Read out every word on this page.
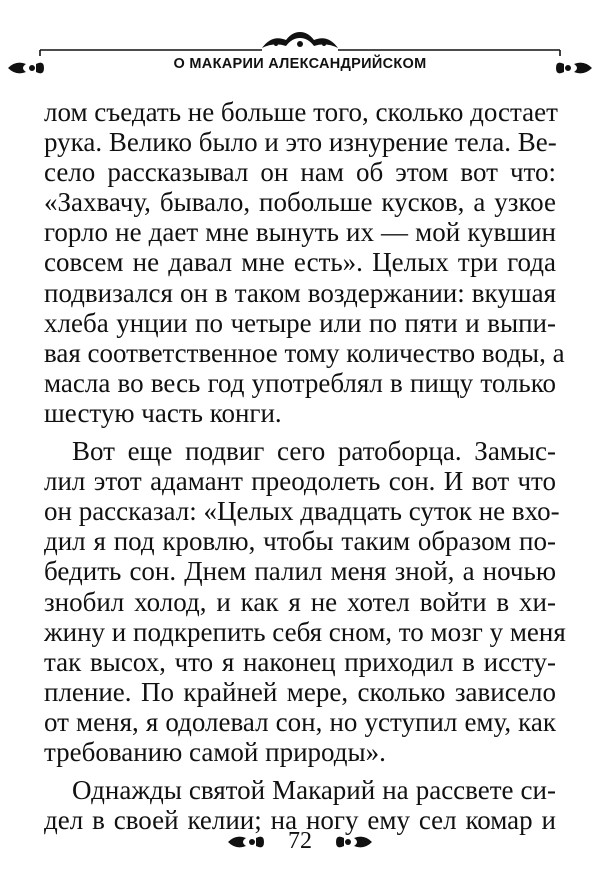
О МАКАРИИ АЛЕКСАНДРИЙСКОМ
лом съедать не больше того, сколько достает
рука. Велико было и это изнурение тела. Ве-
село рассказывал он нам об этом вот что:
«Захвачу, бывало, побольше кусков, а узкое
горло не дает мне вынуть их — мой кувшин
совсем не давал мне есть». Целых три года
подвизался он в таком воздержании: вкушая
хлеба унции по четыре или по пяти и выпи-
вая соответственное тому количество воды, а
масла во весь год употреблял в пищу только
шестую часть конги.
Вот еще подвиг сего ратоборца. Замыс-
лил этот адамант преодолеть сон. И вот что
он рассказал: «Целых двадцать суток не вхо-
дил я под кровлю, чтобы таким образом по-
бедить сон. Днем палил меня зной, а ночью
знобил холод, и как я не хотел войти в хи-
жину и подкрепить себя сном, то мозг у меня
так высох, что я наконец приходил в иссту-
пление. По крайней мере, сколько зависело
от меня, я одолевал сон, но уступил ему, как
требованию самой природы».
Однажды святой Макарий на рассвете си-
дел в своей келии; на ногу ему сел комар и
72
